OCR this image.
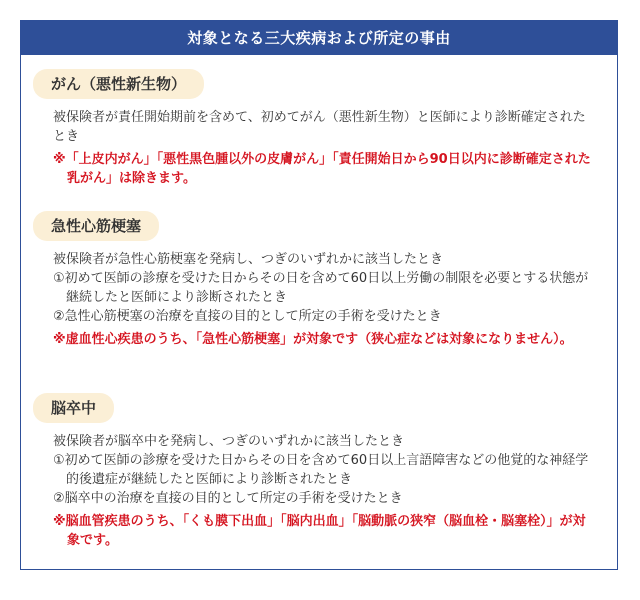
対象となる三大疾病および所定の事由
がん（悪性新生物）

被保険者が責任開始期前を含めて、初めてがん（悪性新生物）と医師により診断確定されたとき

※「上皮内がん」「悪性黒色腫以外の皮膚がん」「責任開始日から90日以内に診断確定された乳がん」は除きます。
急性心筋梗塞

被保険者が急性心筋梗塞を発病し、つぎのいずれかに該当したとき

①初めて医師の診療を受けた日からその日を含めて60日以上労働の制限を必要とする状態が継続したと医師により診断されたとき
②急性心筋梗塞の治療を直接の目的として所定の手術を受けたとき
※虚血性心疾患のうち、「急性心筋梗塞」が対象です（狭心症などは対象になりません）。
脳卒中

被保険者が脳卒中を発病し、つぎのいずれかに該当したとき

①初めて医師の診療を受けた日からその日を含めて60日以上言語障害などの他覚的な神経学的後遺症が継続したと医師により診断されたとき
②脳卒中の治療を直接の目的として所定の手術を受けたとき
※脳血管疾患のうち、「くも膜下出血」「脳内出血」「脳動脈の狭窄（脳血栓・脳塞栓）」が対象です。
